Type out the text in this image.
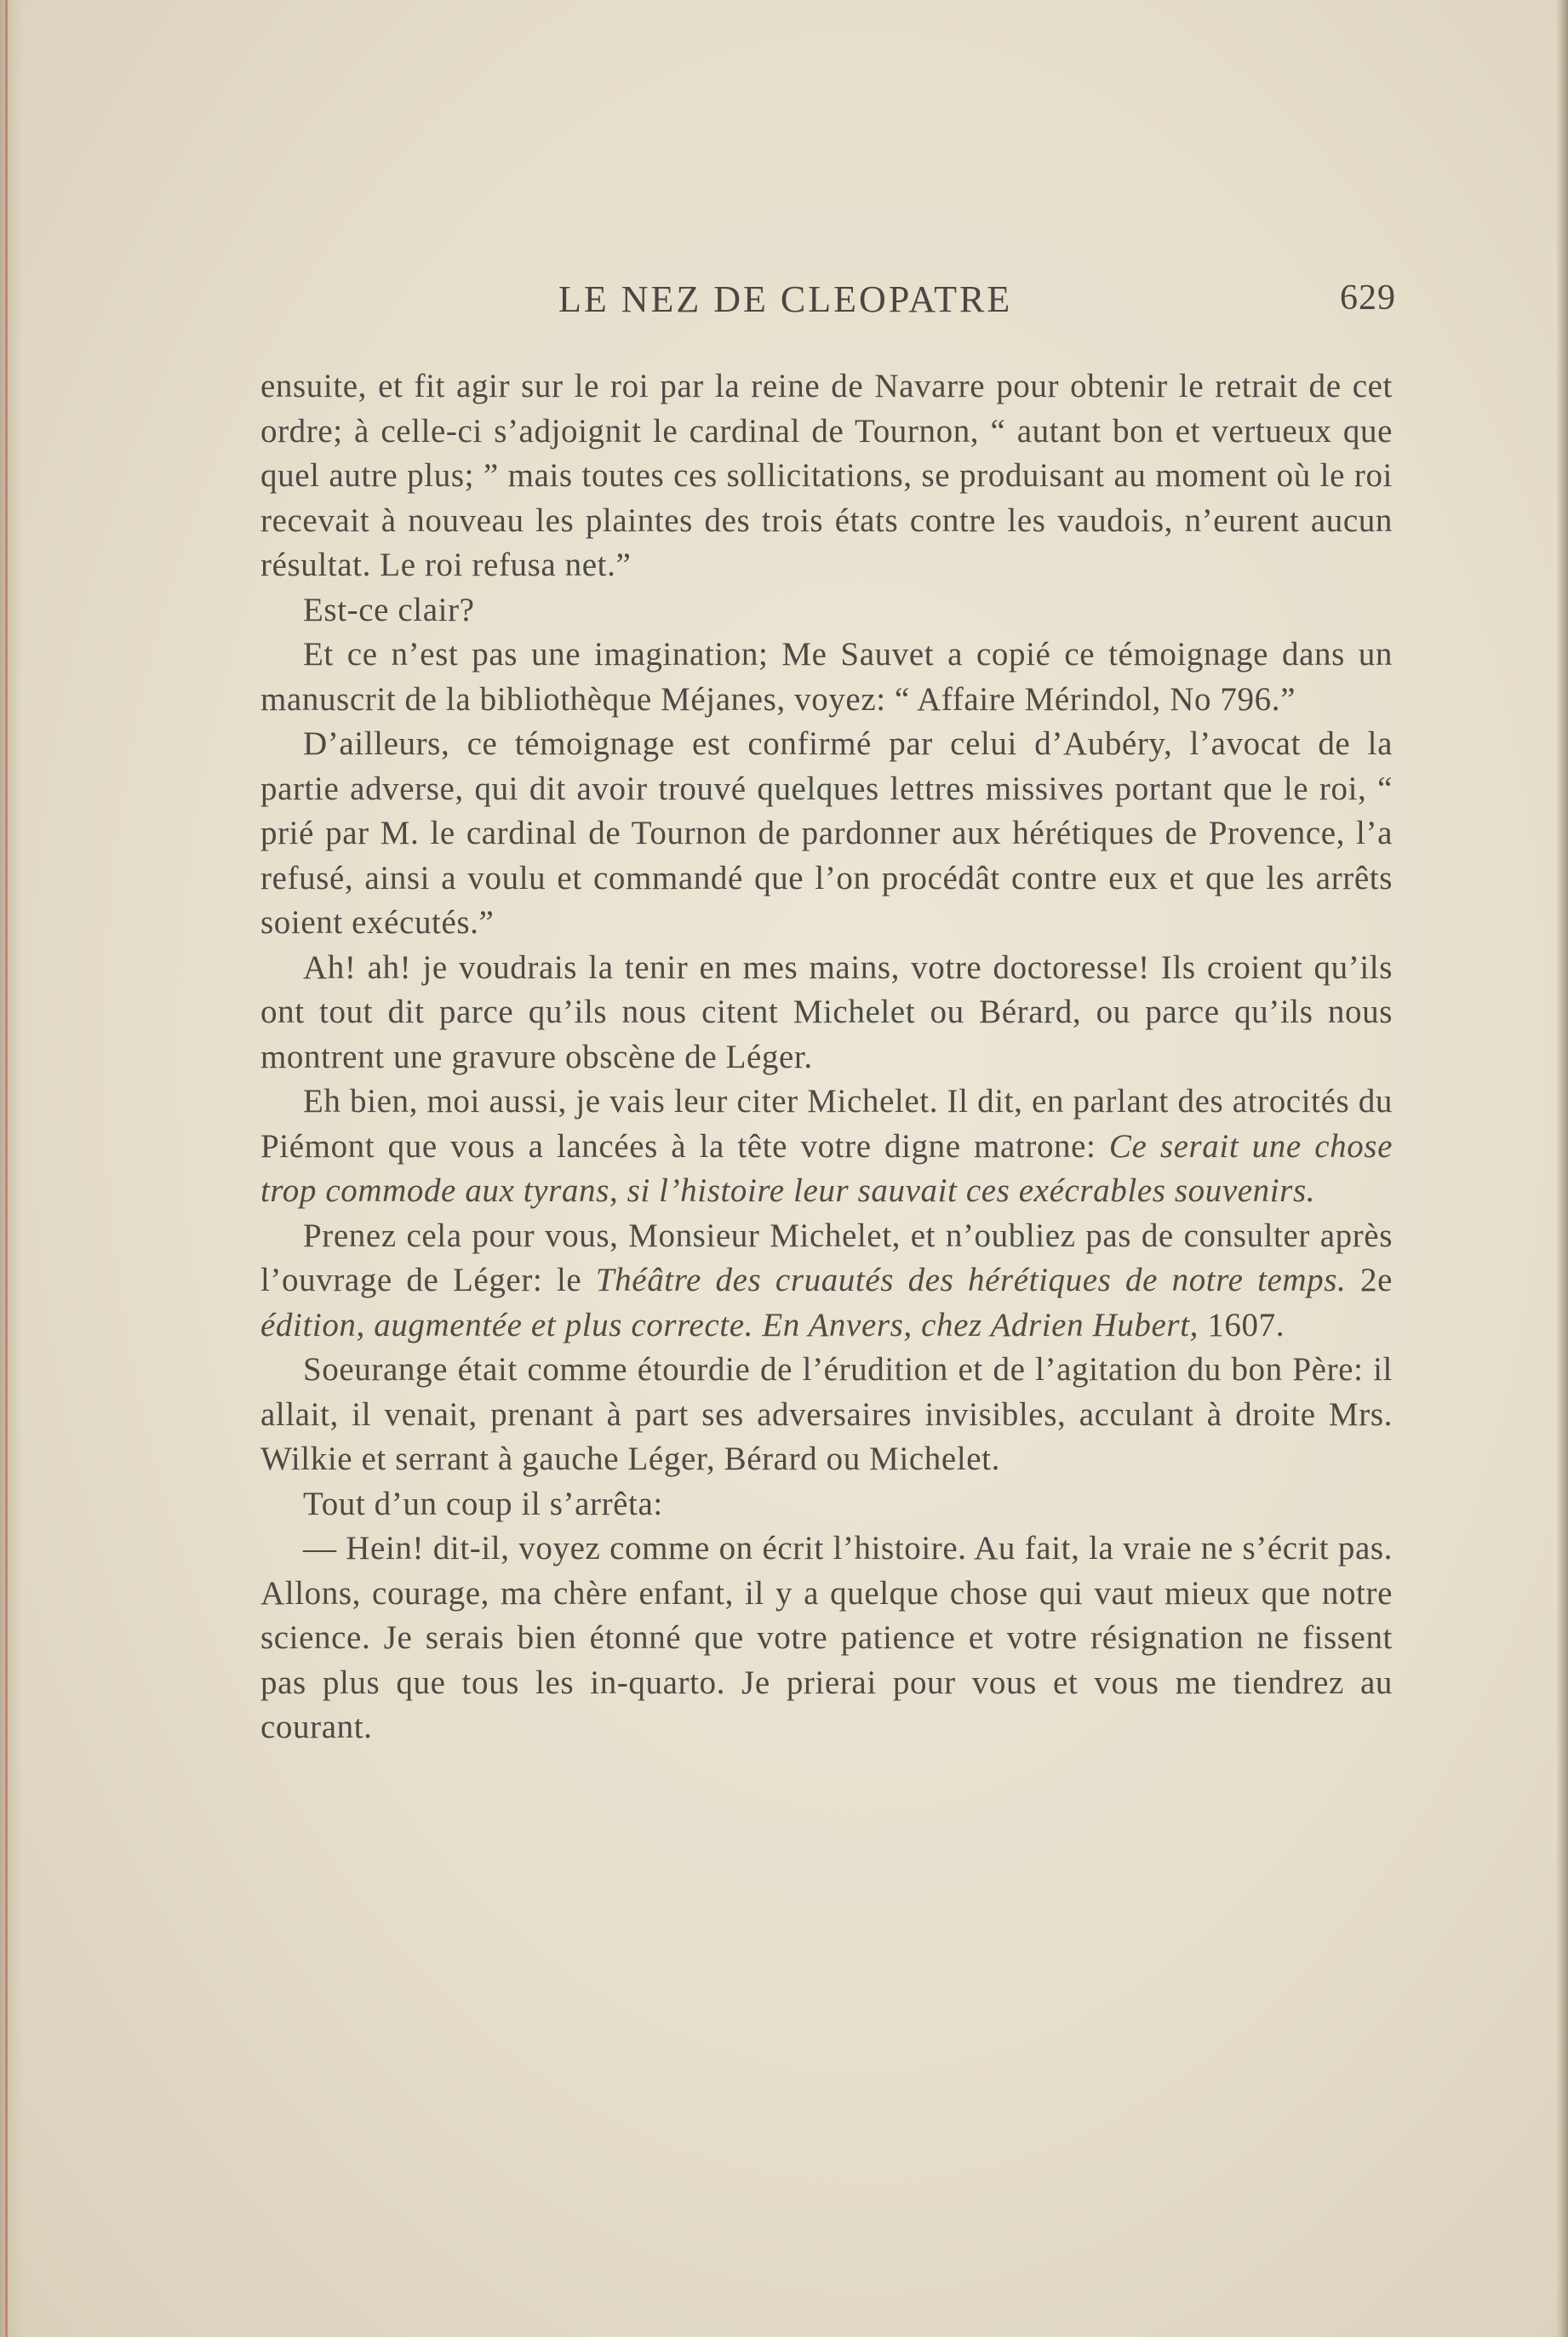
LE NEZ DE CLEOPATRE	629

ensuite, et fit agir sur le roi par la reine de Navarre pour obtenir le retrait de cet ordre; à celle-ci s’adjoignit le cardinal de Tournon, “ autant bon et vertueux que quel autre plus; ” mais toutes ces sollicitations, se produisant au moment où le roi recevait à nouveau les plaintes des trois états contre les vaudois, n’eurent aucun résultat. Le roi refusa net.”

Est-ce clair?

Et ce n’est pas une imagination; Me Sauvet a copié ce témoignage dans un manuscrit de la bibliothèque Méjanes, voyez: “ Affaire Mérindol, No 796.”

D’ailleurs, ce témoignage est confirmé par celui d’Aubéry, l’avocat de la partie adverse, qui dit avoir trouvé quelques lettres missives portant que le roi, “ prié par M. le cardinal de Tournon de pardonner aux hérétiques de Provence, l’a refusé, ainsi a voulu et commandé que l’on procédât contre eux et que les arrêts soient exécutés.”

Ah! ah! je voudrais la tenir en mes mains, votre doctoresse! Ils croient qu’ils ont tout dit parce qu’ils nous citent Michelet ou Bérard, ou parce qu’ils nous montrent une gravure obscène de Léger.

Eh bien, moi aussi, je vais leur citer Michelet. Il dit, en parlant des atrocités du Piémont que vous a lancées à la tête votre digne matrone: Ce serait une chose trop commode aux tyrans, si l’histoire leur sauvait ces exécrables souvenirs.

Prenez cela pour vous, Monsieur Michelet, et n’oubliez pas de consulter après l’ouvrage de Léger: le Théâtre des cruautés des hérétiques de notre temps. 2e édition, augmentée et plus correcte. En Anvers, chez Adrien Hubert, 1607.

Soeurange était comme étourdie de l’érudition et de l’agitation du bon Père: il allait, il venait, prenant à part ses adversaires invisibles, acculant à droite Mrs. Wilkie et serrant à gauche Léger, Bérard ou Michelet.

Tout d’un coup il s’arrêta:

— Hein! dit-il, voyez comme on écrit l’histoire. Au fait, la vraie ne s’écrit pas. Allons, courage, ma chère enfant, il y a quelque chose qui vaut mieux que notre science. Je serais bien étonné que votre patience et votre résignation ne fissent pas plus que tous les in-quarto. Je prierai pour vous et vous me tiendrez au courant.
